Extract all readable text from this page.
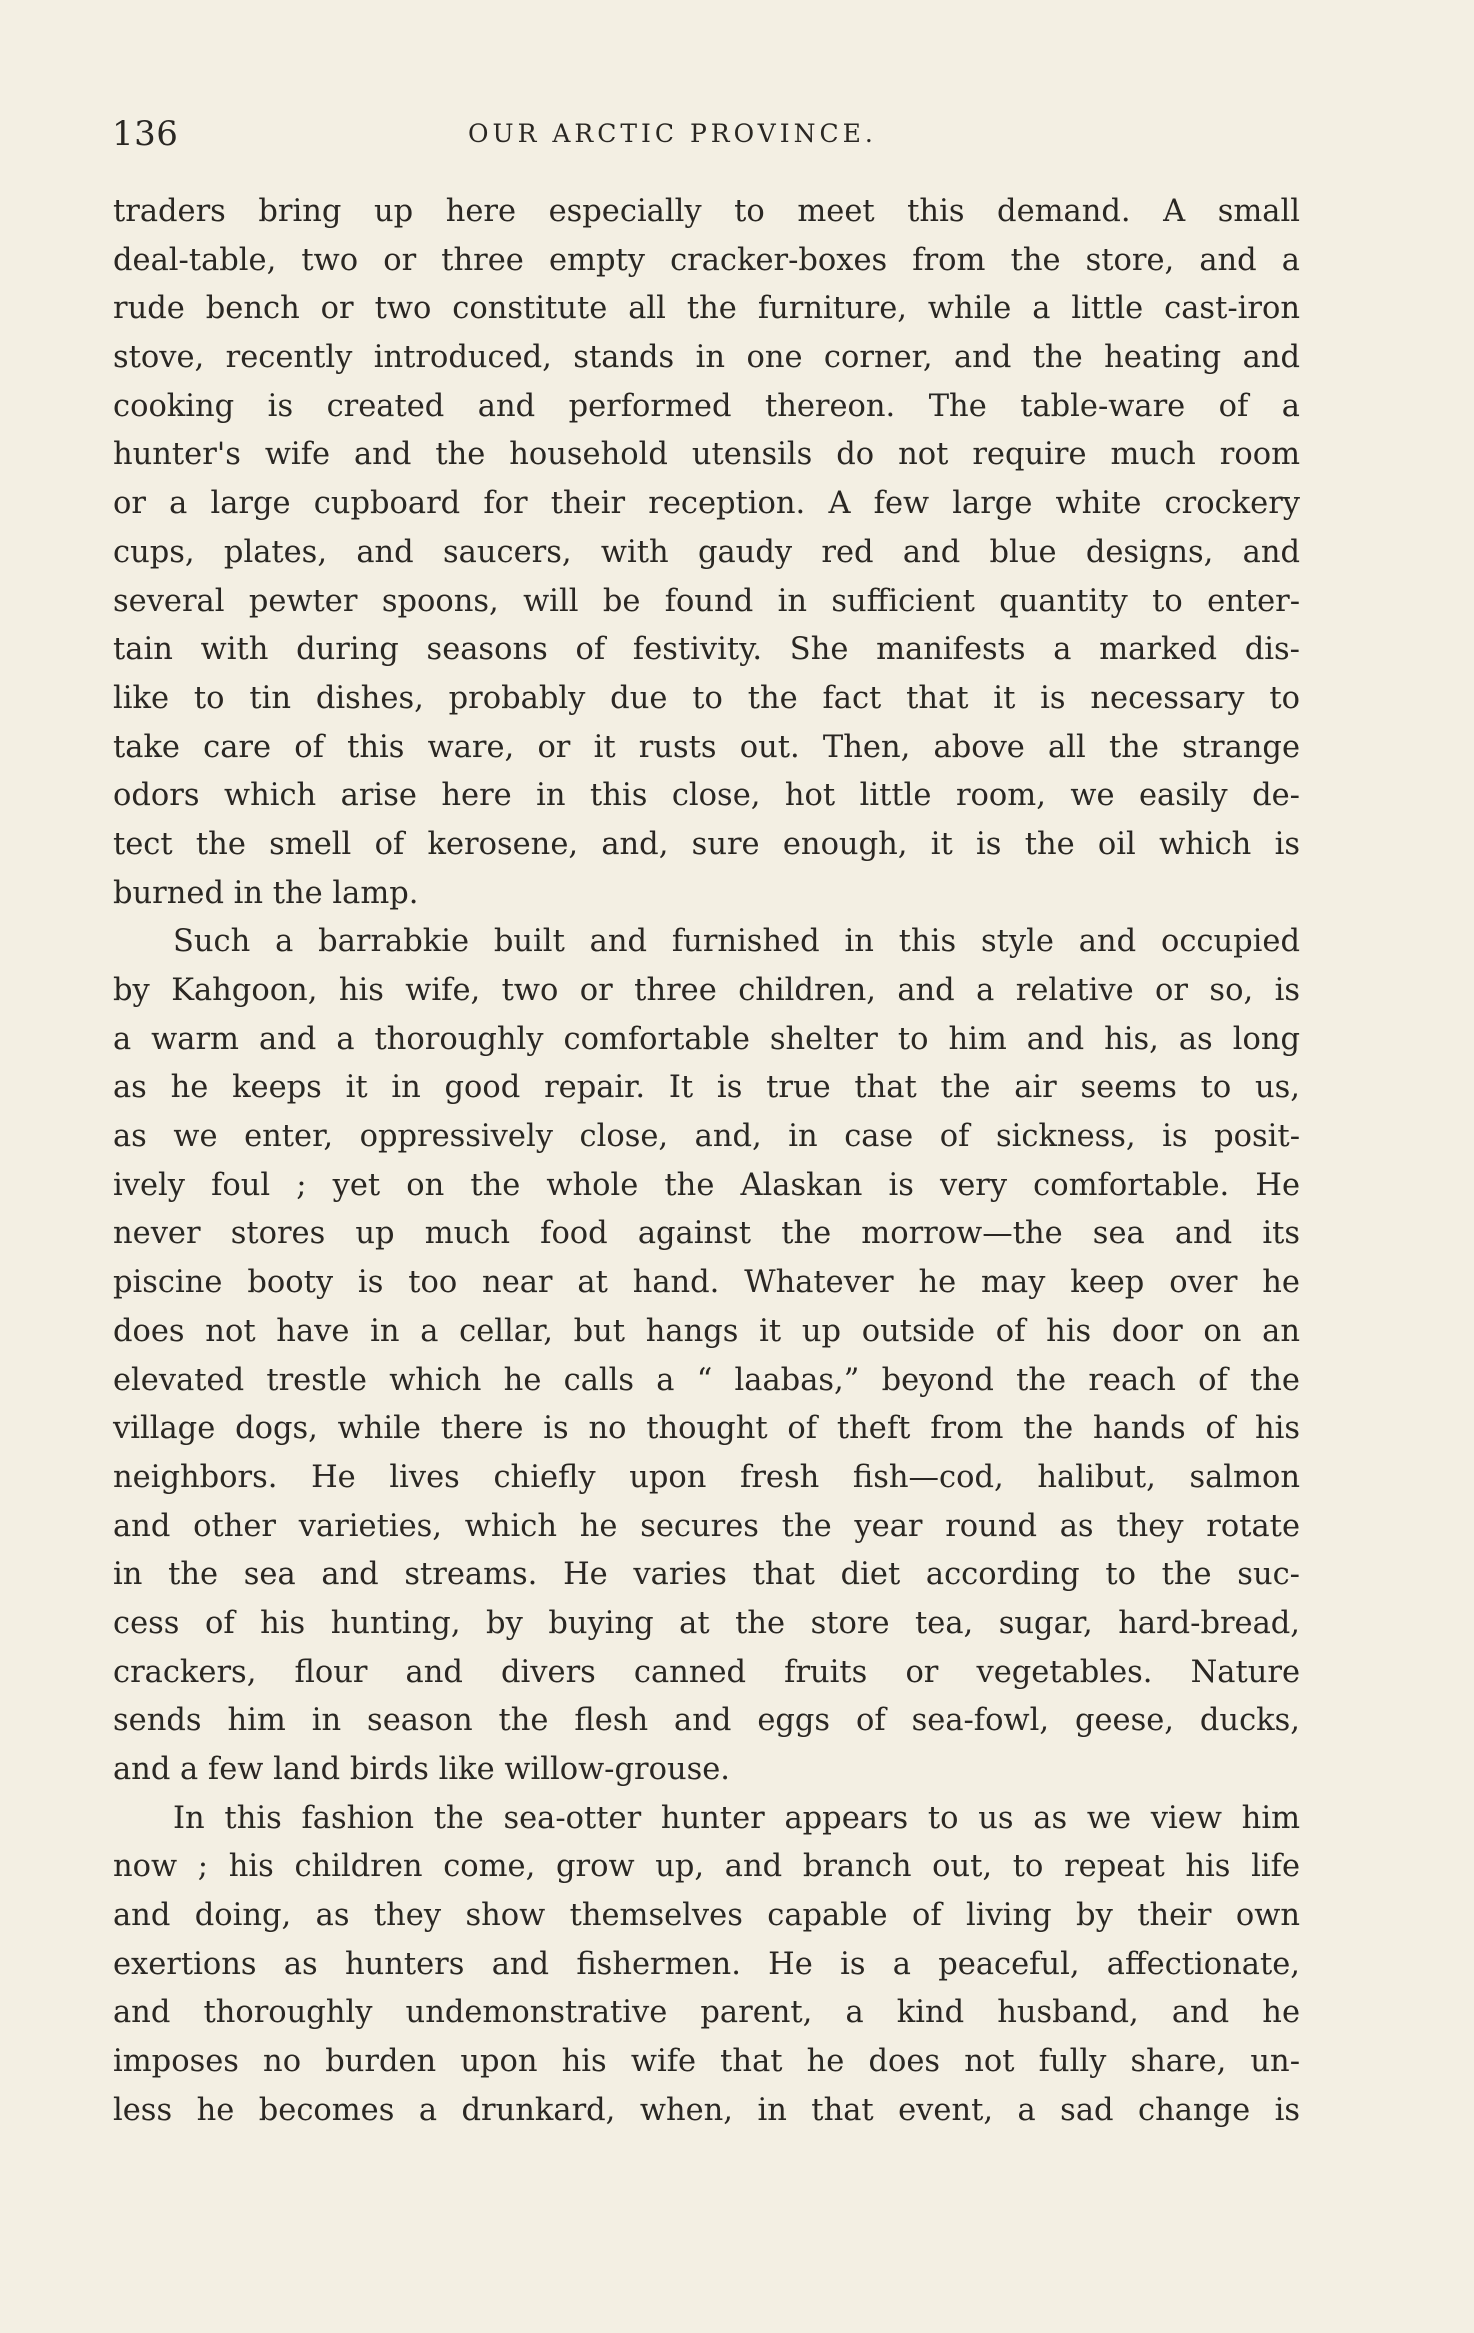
136	OUR ARCTIC PROVINCE.
traders bring up here especially to meet this demand. A small
deal-table, two or three empty cracker-boxes from the store, and a
rude bench or two constitute all the furniture, while a little cast-iron
stove, recently introduced, stands in one corner, and the heating and
cooking is created and performed thereon. The table-ware of a
hunter's wife and the household utensils do not require much room
or a large cupboard for their reception. A few large white crockery
cups, plates, and saucers, with gaudy red and blue designs, and
several pewter spoons, will be found in sufficient quantity to enter-
tain with during seasons of festivity. She manifests a marked dis-
like to tin dishes, probably due to the fact that it is necessary to
take care of this ware, or it rusts out. Then, above all the strange
odors which arise here in this close, hot little room, we easily de-
tect the smell of kerosene, and, sure enough, it is the oil which is
burned in the lamp.
Such a barrabkie built and furnished in this style and occupied
by Kahgoon, his wife, two or three children, and a relative or so, is
a warm and a thoroughly comfortable shelter to him and his, as long
as he keeps it in good repair. It is true that the air seems to us,
as we enter, oppressively close, and, in case of sickness, is posit-
ively foul ; yet on the whole the Alaskan is very comfortable. He
never stores up much food against the morrow—the sea and its
piscine booty is too near at hand. Whatever he may keep over he
does not have in a cellar, but hangs it up outside of his door on an
elevated trestle which he calls a “ laabas,” beyond the reach of the
village dogs, while there is no thought of theft from the hands of his
neighbors. He lives chiefly upon fresh fish—cod, halibut, salmon
and other varieties, which he secures the year round as they rotate
in the sea and streams. He varies that diet according to the suc-
cess of his hunting, by buying at the store tea, sugar, hard-bread,
crackers, flour and divers canned fruits or vegetables. Nature
sends him in season the flesh and eggs of sea-fowl, geese, ducks,
and a few land birds like willow-grouse.
In this fashion the sea-otter hunter appears to us as we view him
now ; his children come, grow up, and branch out, to repeat his life
and doing, as they show themselves capable of living by their own
exertions as hunters and fishermen. He is a peaceful, affectionate,
and thoroughly undemonstrative parent, a kind husband, and he
imposes no burden upon his wife that he does not fully share, un-
less he becomes a drunkard, when, in that event, a sad change is
